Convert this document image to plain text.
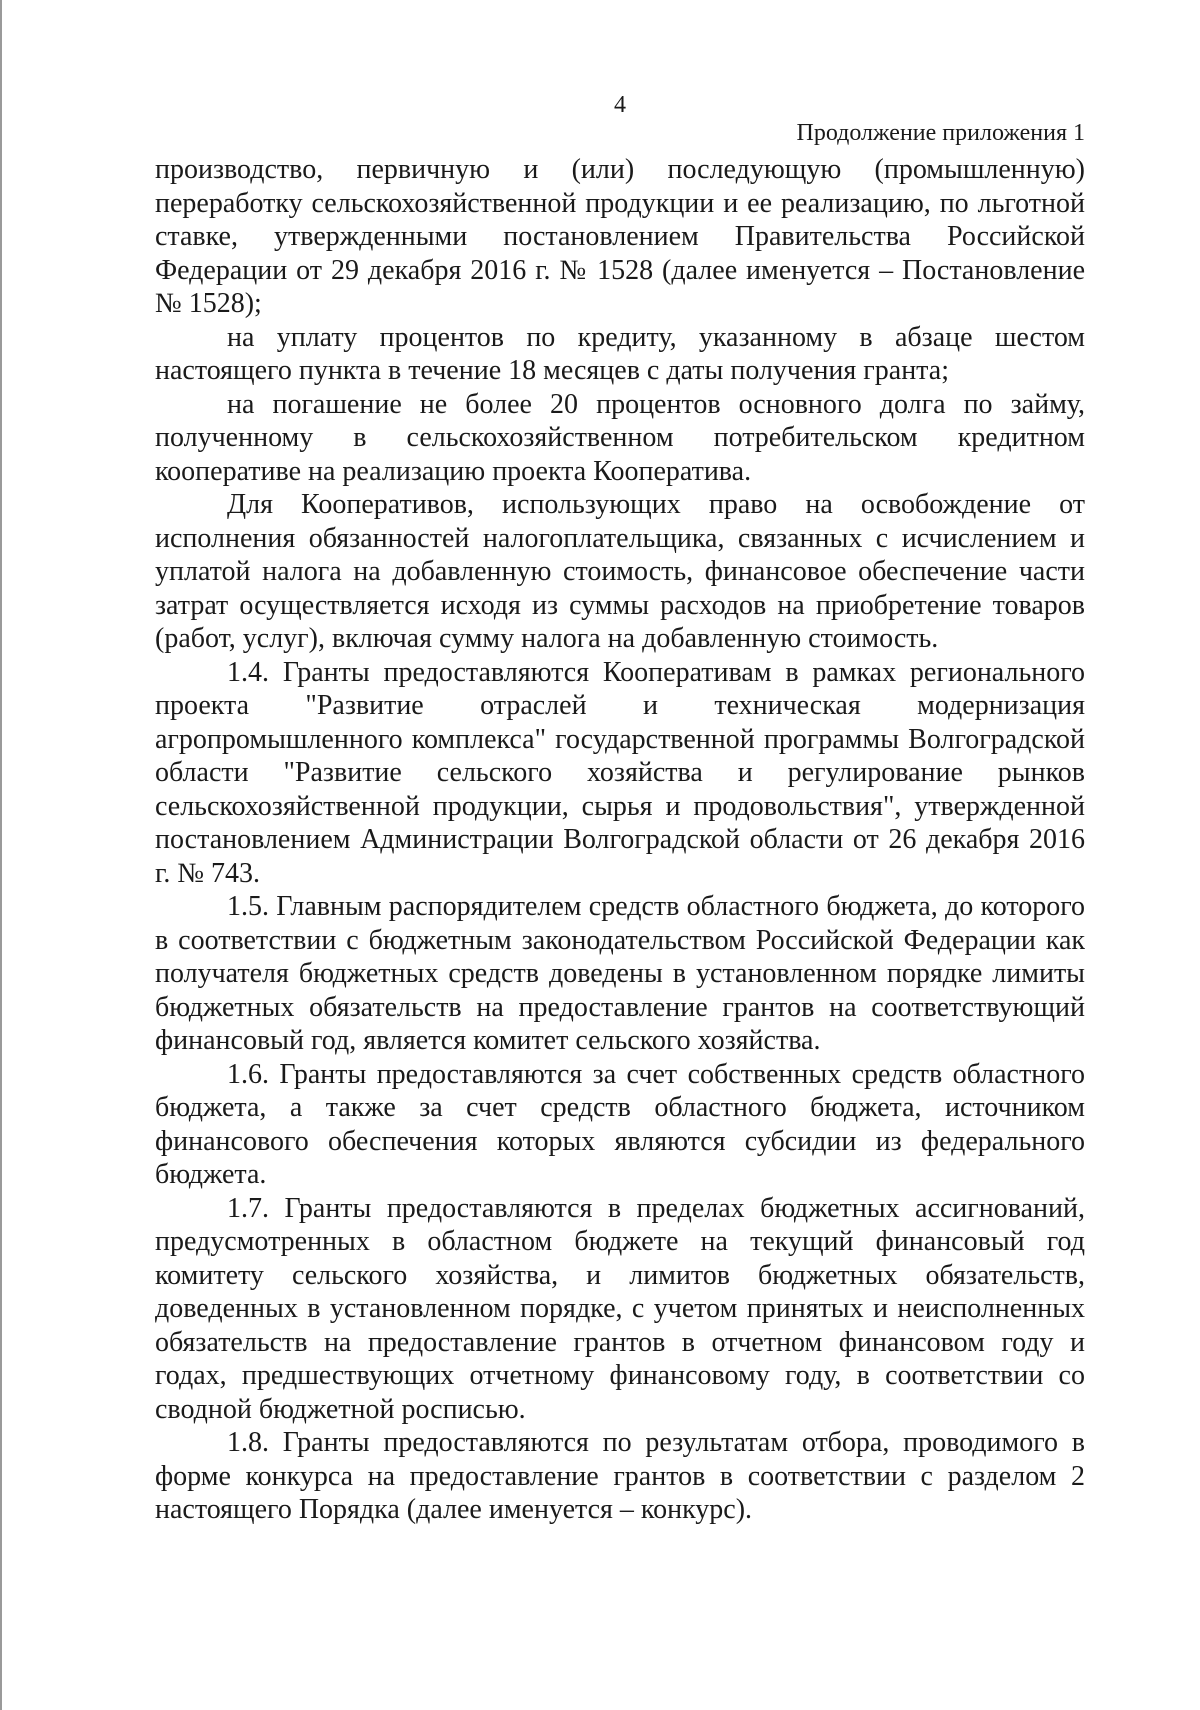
4
Продолжение приложения 1

производство, первичную и (или) последующую (промышленную) переработку сельскохозяйственной продукции и ее реализацию, по льготной ставке, утвержденными постановлением Правительства Российской Федерации от 29 декабря 2016 г. № 1528 (далее именуется – Постановление № 1528);

на уплату процентов по кредиту, указанному в абзаце шестом настоящего пункта в течение 18 месяцев с даты получения гранта;

на погашение не более 20 процентов основного долга по займу, полученному в сельскохозяйственном потребительском кредитном кооперативе на реализацию проекта Кооператива.

Для Кооперативов, использующих право на освобождение от исполнения обязанностей налогоплательщика, связанных с исчислением и уплатой налога на добавленную стоимость, финансовое обеспечение части затрат осуществляется исходя из суммы расходов на приобретение товаров (работ, услуг), включая сумму налога на добавленную стоимость.

1.4. Гранты предоставляются Кооперативам в рамках регионального проекта "Развитие отраслей и техническая модернизация агропромышленного комплекса" государственной программы Волгоградской области "Развитие сельского хозяйства и регулирование рынков сельскохозяйственной продукции, сырья и продовольствия", утвержденной постановлением Администрации Волгоградской области от 26 декабря 2016 г. № 743.

1.5. Главным распорядителем средств областного бюджета, до которого в соответствии с бюджетным законодательством Российской Федерации как получателя бюджетных средств доведены в установленном порядке лимиты бюджетных обязательств на предоставление грантов на соответствующий финансовый год, является комитет сельского хозяйства.

1.6. Гранты предоставляются за счет собственных средств областного бюджета, а также за счет средств областного бюджета, источником финансового обеспечения которых являются субсидии из федерального бюджета.

1.7. Гранты предоставляются в пределах бюджетных ассигнований, предусмотренных в областном бюджете на текущий финансовый год комитету сельского хозяйства, и лимитов бюджетных обязательств, доведенных в установленном порядке, с учетом принятых и неисполненных обязательств на предоставление грантов в отчетном финансовом году и годах, предшествующих отчетному финансовому году, в соответствии со сводной бюджетной росписью.

1.8. Гранты предоставляются по результатам отбора, проводимого в форме конкурса на предоставление грантов в соответствии с разделом 2 настоящего Порядка (далее именуется – конкурс).
